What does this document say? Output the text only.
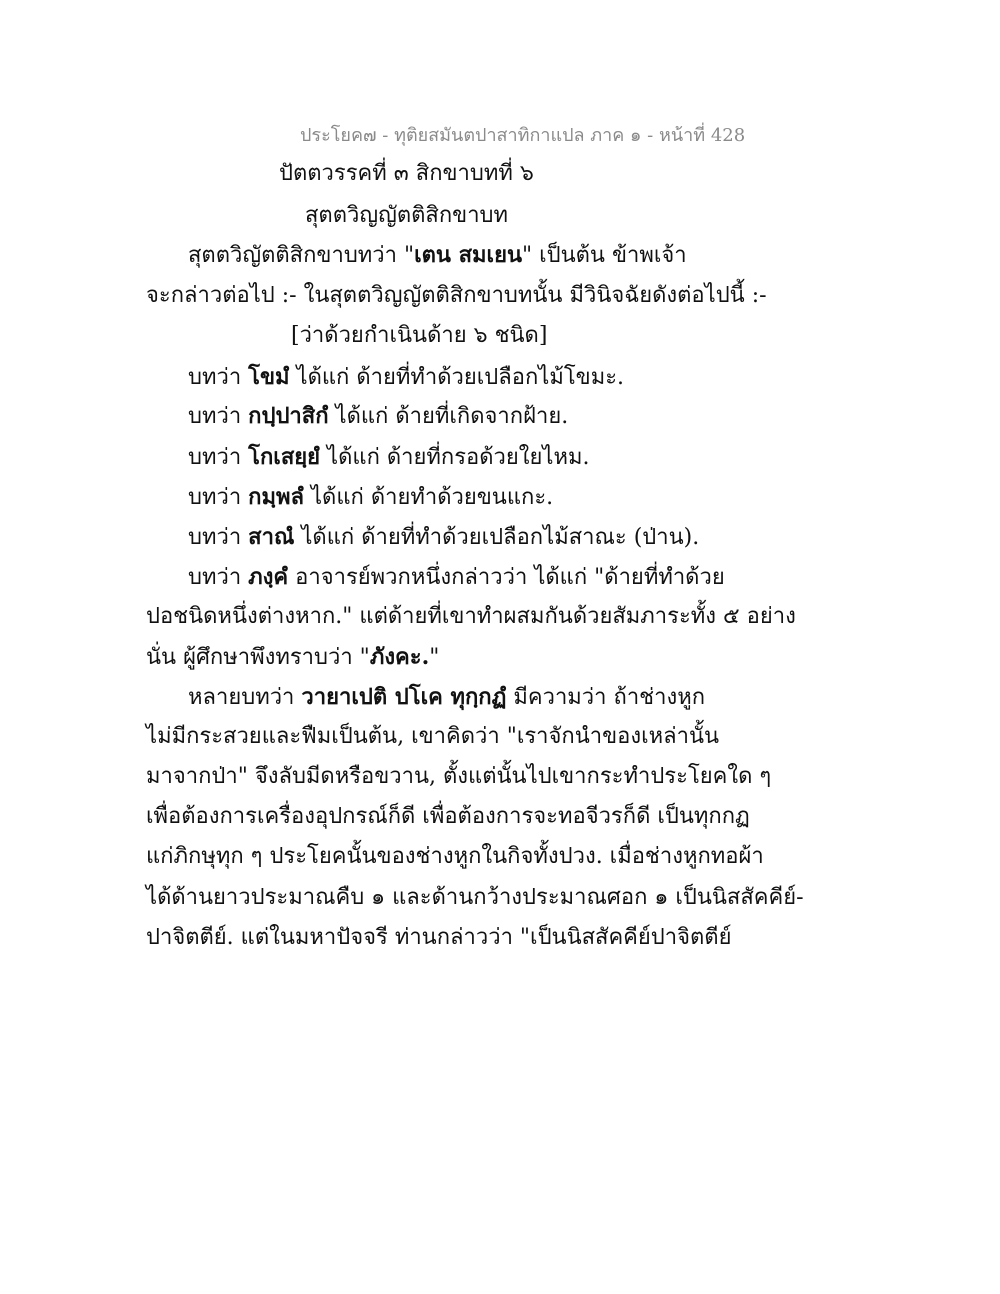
ประโยค๗ - ทุติยสมันตปาสาทิกาแปล ภาค ๑ - หน้าที่ 428
ปัตตวรรคที่ ๓ สิกขาบทที่ ๖
สุตตวิญญัตติสิกขาบท
สุตตวิญัตติสิกขาบทว่า "เตน สมเยน" เป็นต้น ข้าพเจ้า
จะกล่าวต่อไป :- ในสุตตวิญญัตติสิกขาบทนั้น มีวินิจฉัยดังต่อไปนี้ :-
[ว่าด้วยกำเนินด้าย ๖ ชนิด]
บทว่า โขมํ ได้แก่ ด้ายที่ทำด้วยเปลือกไม้โขมะ.
บทว่า กปฺปาสิกํ ได้แก่ ด้ายที่เกิดจากฝ้าย.
บทว่า โกเสยฺยํ ได้แก่ ด้ายที่กรอด้วยใยไหม.
บทว่า กมฺพลํ ได้แก่ ด้ายทำด้วยขนแกะ.
บทว่า สาณํ ได้แก่ ด้ายที่ทำด้วยเปลือกไม้สาณะ (ป่าน).
บทว่า ภงฺคํ อาจารย์พวกหนึ่งกล่าวว่า ได้แก่ "ด้ายที่ทำด้วย
ปอชนิดหนึ่งต่างหาก." แต่ด้ายที่เขาทำผสมกันด้วยสัมภาระทั้ง ๕ อย่าง
นั่น ผู้ศึกษาพึงทราบว่า "ภังคะ."
หลายบทว่า วายาเปติ ปโเค ทุกฺกฏํ มีความว่า ถ้าช่างหูก
ไม่มีกระสวยและฟืมเป็นต้น, เขาคิดว่า "เราจักนำของเหล่านั้น
มาจากป่า" จึงลับมีดหรือขวาน, ตั้งแต่นั้นไปเขากระทำประโยคใด ๆ
เพื่อต้องการเครื่องอุปกรณ์ก็ดี เพื่อต้องการจะทอจีวรก็ดี เป็นทุกกฏ
แก่ภิกษุทุก ๆ ประโยคนั้นของช่างหูกในกิจทั้งปวง. เมื่อช่างหูกทอผ้า
ได้ด้านยาวประมาณคืบ ๑ และด้านกว้างประมาณศอก ๑ เป็นนิสสัคคีย์-
ปาจิตตีย์. แต่ในมหาปัจจรี ท่านกล่าวว่า "เป็นนิสสัคคีย์ปาจิตตีย์
